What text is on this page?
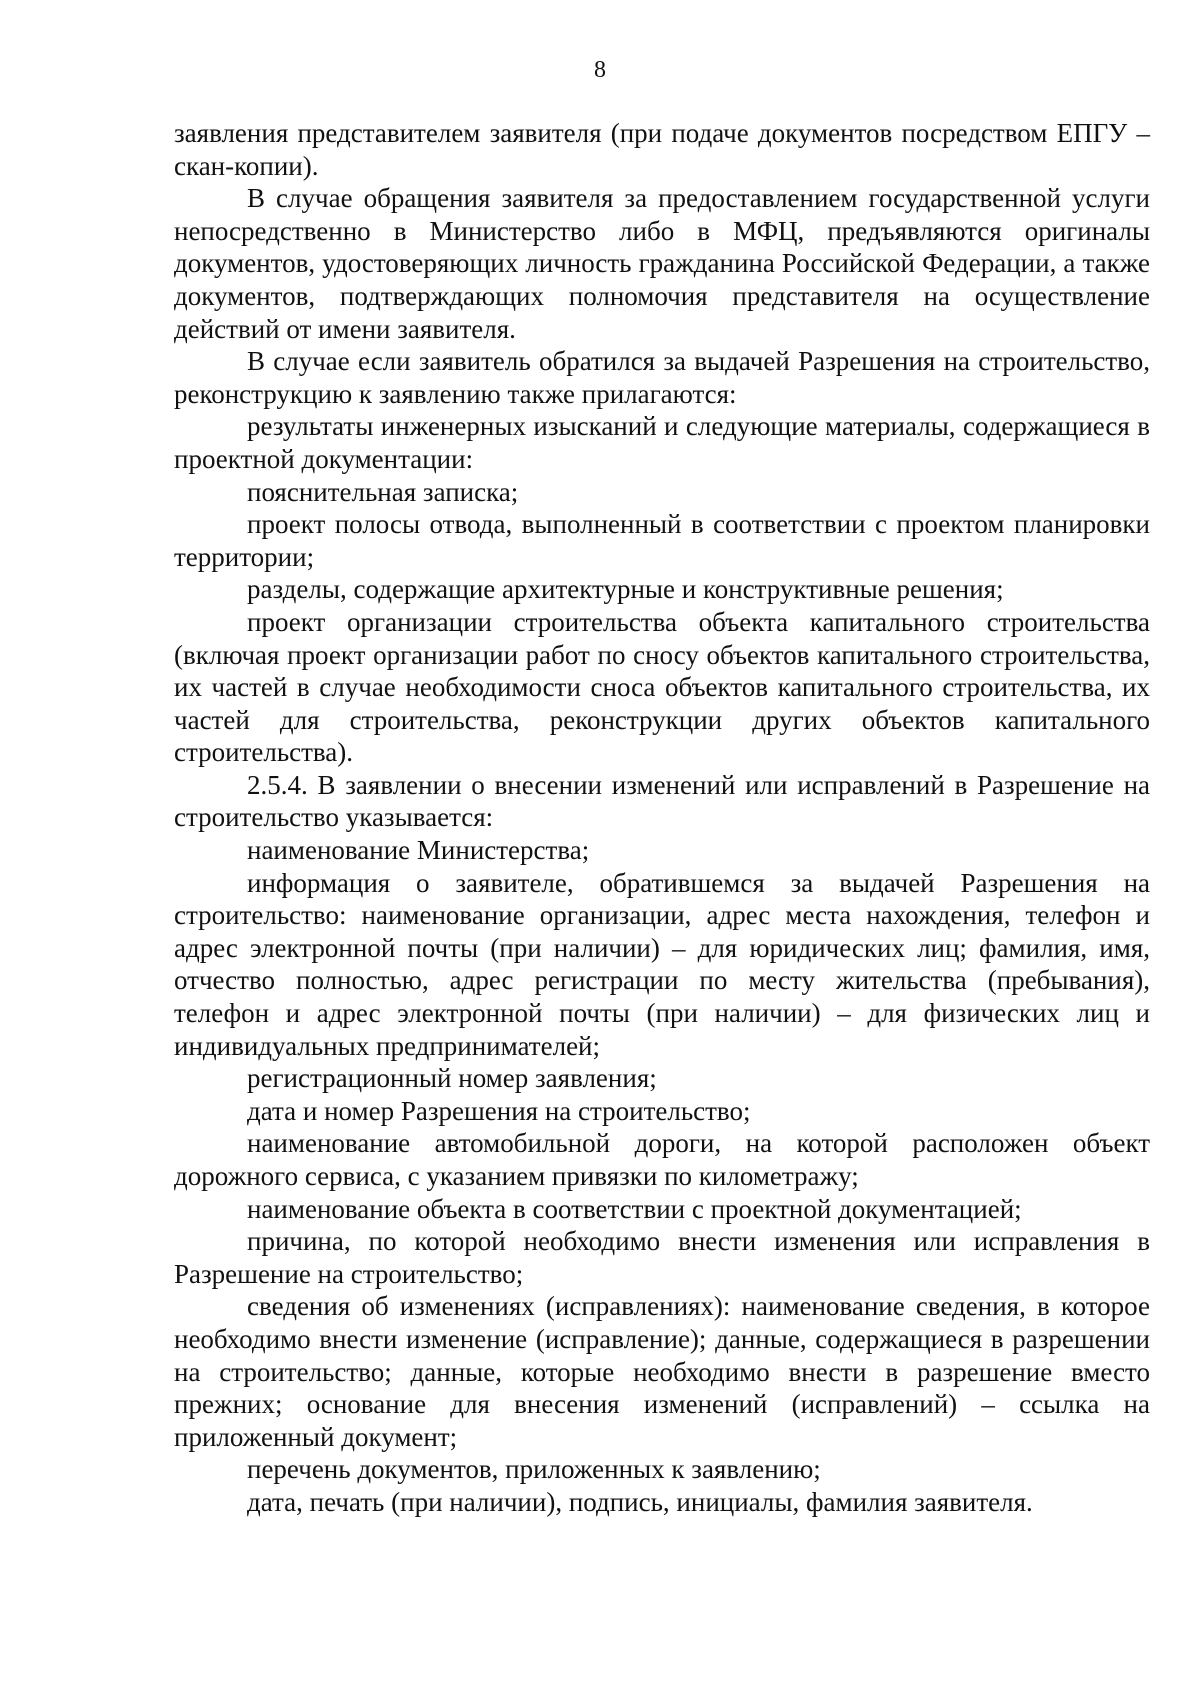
8

заявления представителем заявителя (при подаче документов посредством ЕПГУ – скан-копии).

В случае обращения заявителя за предоставлением государственной услуги непосредственно в Министерство либо в МФЦ, предъявляются оригиналы документов, удостоверяющих личность гражданина Российской Федерации, а также документов, подтверждающих полномочия представителя на осуществление действий от имени заявителя.

В случае если заявитель обратился за выдачей Разрешения на строительство, реконструкцию к заявлению также прилагаются:

результаты инженерных изысканий и следующие материалы, содержащиеся в проектной документации:

пояснительная записка;

проект полосы отвода, выполненный в соответствии с проектом планировки территории;

разделы, содержащие архитектурные и конструктивные решения;

проект организации строительства объекта капитального строительства (включая проект организации работ по сносу объектов капитального строительства, их частей в случае необходимости сноса объектов капитального строительства, их частей для строительства, реконструкции других объектов капитального строительства).

2.5.4. В заявлении о внесении изменений или исправлений в Разрешение на строительство указывается:

наименование Министерства;

информация о заявителе, обратившемся за выдачей Разрешения на строительство: наименование организации, адрес места нахождения, телефон и адрес электронной почты (при наличии) – для юридических лиц; фамилия, имя, отчество полностью, адрес регистрации по месту жительства (пребывания), телефон и адрес электронной почты (при наличии) – для физических лиц и индивидуальных предпринимателей;

регистрационный номер заявления;

дата и номер Разрешения на строительство;

наименование автомобильной дороги, на которой расположен объект дорожного сервиса, с указанием привязки по километражу;

наименование объекта в соответствии с проектной документацией;

причина, по которой необходимо внести изменения или исправления в Разрешение на строительство;

сведения об изменениях (исправлениях): наименование сведения, в которое необходимо внести изменение (исправление); данные, содержащиеся в разрешении на строительство; данные, которые необходимо внести в разрешение вместо прежних; основание для внесения изменений (исправлений) – ссылка на приложенный документ;

перечень документов, приложенных к заявлению;

дата, печать (при наличии), подпись, инициалы, фамилия заявителя.
